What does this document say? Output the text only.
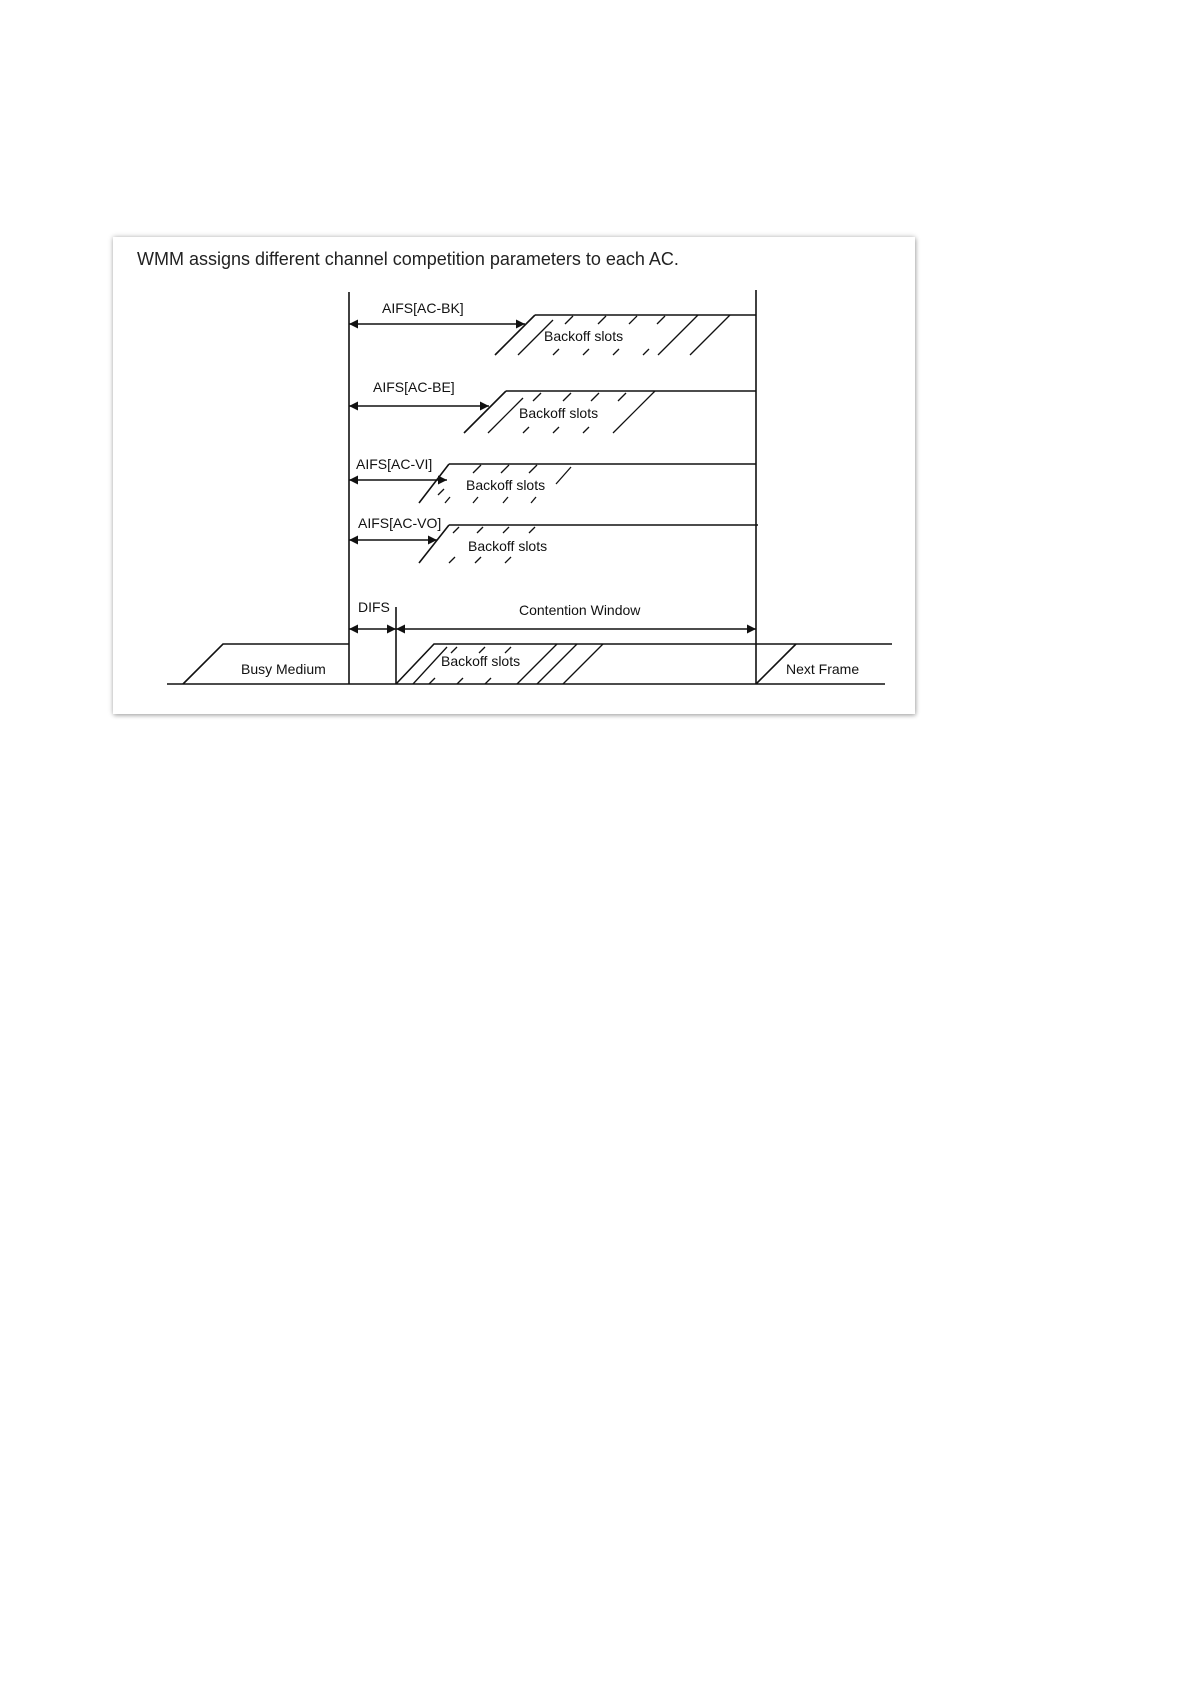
WMM assigns different channel competition parameters to each AC.
AIFS[AC-BK]
Backoff slots
AIFS[AC-BE]
Backoff slots
AIFS[AC-VI]
Backoff slots
AIFS[AC-VO]
Backoff slots
DIFS	Contention Window
Busy Medium	Backoff slots	Next Frame
